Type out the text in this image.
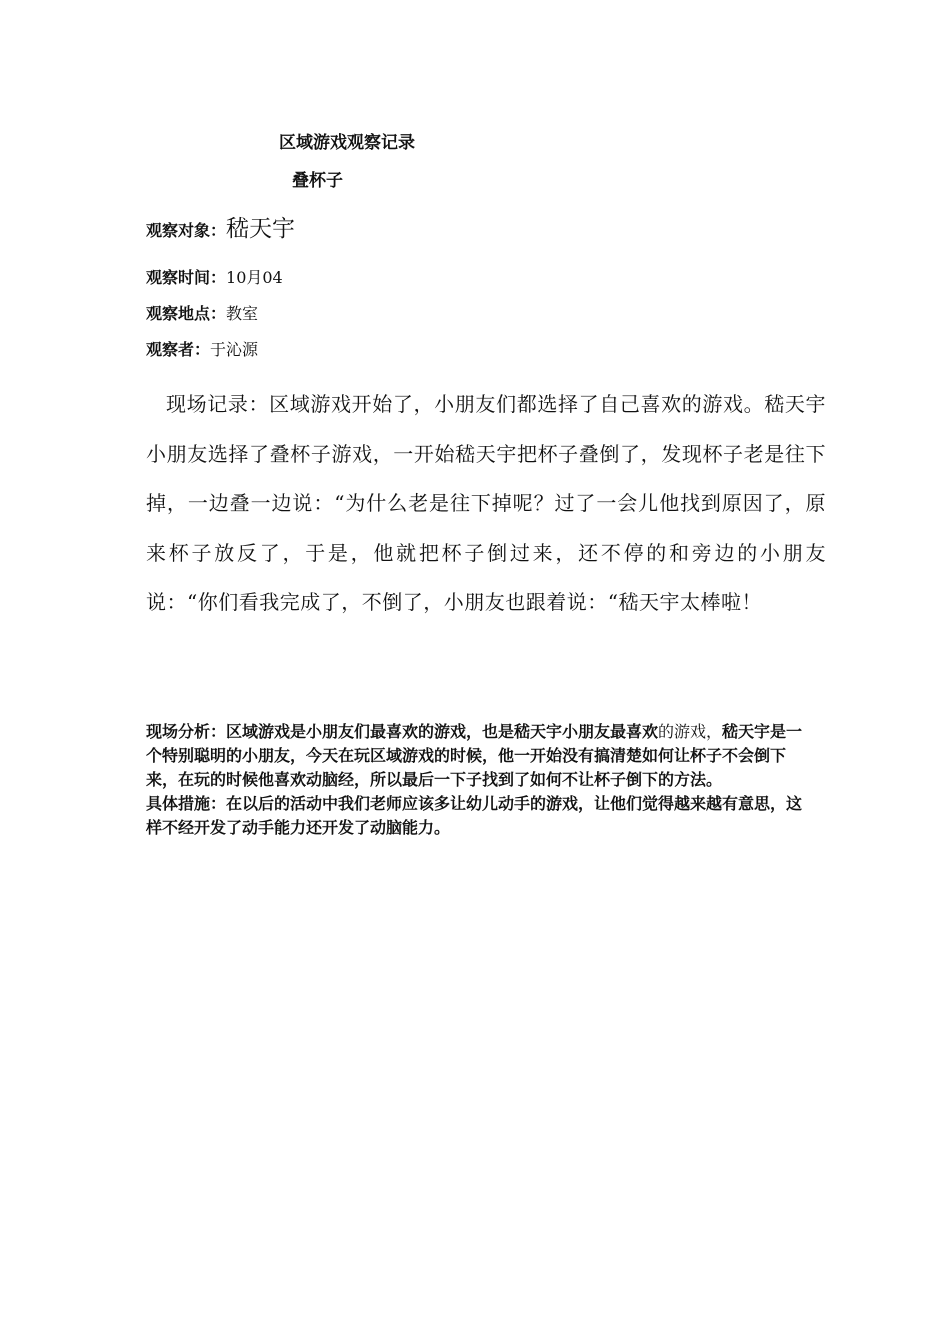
区域游戏观察记录
叠杯子
观察对象：嵇天宇
观察时间：10月04
观察地点：教室
观察者：于沁源

现场记录：区域游戏开始了，小朋友们都选择了自己喜欢的游戏。嵇天宇小朋友选择了叠杯子游戏，一开始嵇天宇把杯子叠倒了，发现杯子老是往下掉，一边叠一边说：“为什么老是往下掉呢？过了一会儿他找到原因了，原来杯子放反了，于是，他就把杯子倒过来，还不停的和旁边的小朋友说：“你们看我完成了，不倒了，小朋友也跟着说：“嵇天宇太棒啦！

现场分析：区域游戏是小朋友们最喜欢的游戏，也是嵇天宇小朋友最喜欢的游戏，嵇天宇是一个特别聪明的小朋友，今天在玩区域游戏的时候，他一开始没有搞清楚如何让杯子不会倒下来，在玩的时候他喜欢动脑经，所以最后一下子找到了如何不让杯子倒下的方法。

具体措施：在以后的活动中我们老师应该多让幼儿动手的游戏，让他们觉得越来越有意思，这样不经开发了动手能力还开发了动脑能力。
